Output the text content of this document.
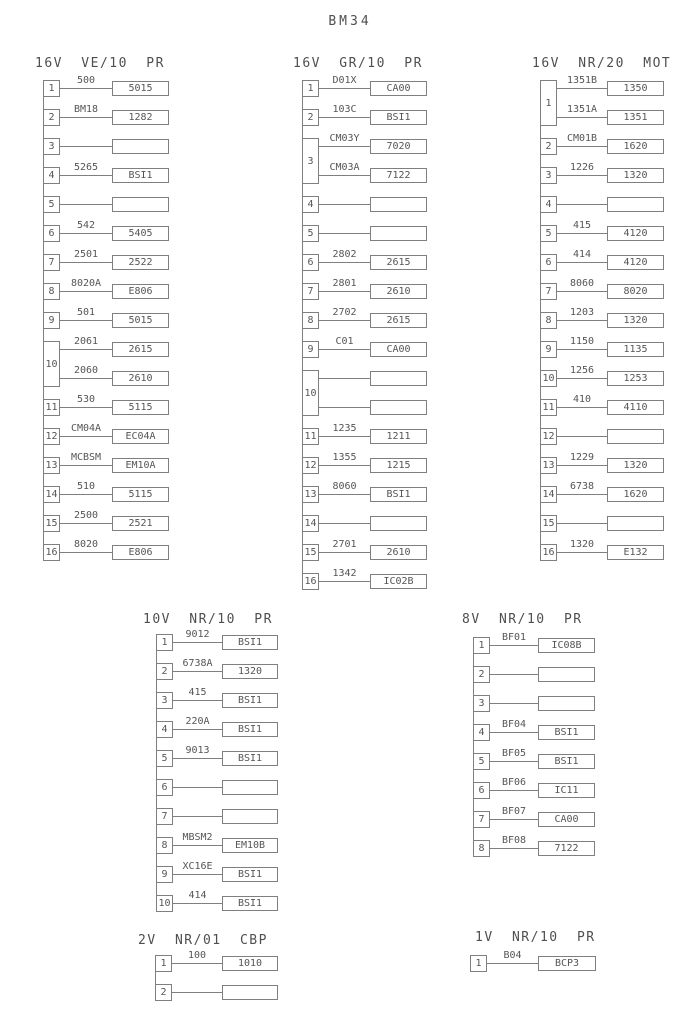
BM34
16V VE/10 PR
1
500
5015
2
BM18
1282
3
4
5265
BSI1
5
6
542
5405
7
2501
2522
8
8020A
E806
9
501
5015
10
2061
2615
2060
2610
11
530
5115
12
CM04A
EC04A
13
MCBSM
EM10A
14
510
5115
15
2500
2521
16
8020
E806
16V GR/10 PR
1
D01X
CA00
2
103C
BSI1
3
CM03Y
7020
CM03A
7122
4
5
6
2802
2615
7
2801
2610
8
2702
2615
9
C01
CA00
10
11
1235
1211
12
1355
1215
13
8060
BSI1
14
15
2701
2610
16
1342
IC02B
16V NR/20 MOT
1
1351B
1350
1351A
1351
2
CM01B
1620
3
1226
1320
4
5
415
4120
6
414
4120
7
8060
8020
8
1203
1320
9
1150
1135
10
1256
1253
11
410
4110
12
13
1229
1320
14
6738
1620
15
16
1320
E132
10V NR/10 PR
1
9012
BSI1
2
6738A
1320
3
415
BSI1
4
220A
BSI1
5
9013
BSI1
6
7
8
MBSM2
EM10B
9
XC16E
BSI1
10
414
BSI1
8V NR/10 PR
1
BF01
IC08B
2
3
4
BF04
BSI1
5
BF05
BSI1
6
BF06
IC11
7
BF07
CA00
8
BF08
7122
2V NR/01 CBP
1
100
1010
2
1V NR/10 PR
1
B04
BCP3
